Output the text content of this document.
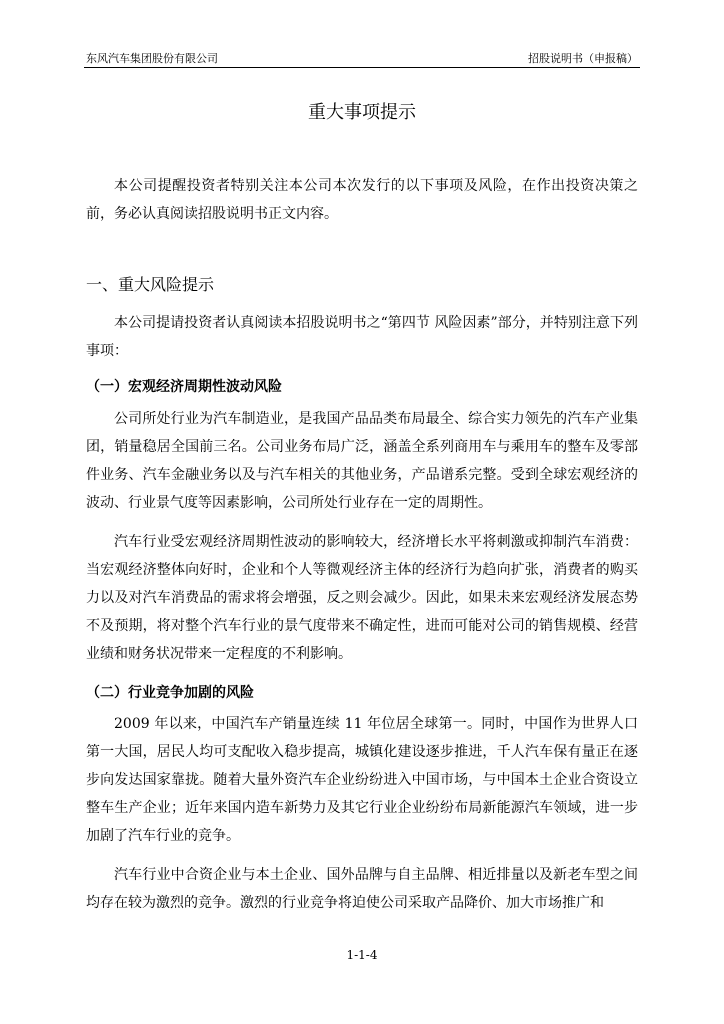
东风汽车集团股份有限公司	招股说明书（申报稿）
重大事项提示

本公司提醒投资者特别关注本公司本次发行的以下事项及风险，在作出投资决策之前，务必认真阅读招股说明书正文内容。

一、重大风险提示

本公司提请投资者认真阅读本招股说明书之“第四节 风险因素”部分，并特别注意下列事项：

（一）宏观经济周期性波动风险

公司所处行业为汽车制造业，是我国产品品类布局最全、综合实力领先的汽车产业集团，销量稳居全国前三名。公司业务布局广泛，涵盖全系列商用车与乘用车的整车及零部件业务、汽车金融业务以及与汽车相关的其他业务，产品谱系完整。受到全球宏观经济的波动、行业景气度等因素影响，公司所处行业存在一定的周期性。

汽车行业受宏观经济周期性波动的影响较大，经济增长水平将刺激或抑制汽车消费：当宏观经济整体向好时，企业和个人等微观经济主体的经济行为趋向扩张，消费者的购买力以及对汽车消费品的需求将会增强，反之则会减少。因此，如果未来宏观经济发展态势不及预期，将对整个汽车行业的景气度带来不确定性，进而可能对公司的销售规模、经营业绩和财务状况带来一定程度的不利影响。

（二）行业竞争加剧的风险

2009 年以来，中国汽车产销量连续 11 年位居全球第一。同时，中国作为世界人口第一大国，居民人均可支配收入稳步提高，城镇化建设逐步推进，千人汽车保有量正在逐步向发达国家靠拢。随着大量外资汽车企业纷纷进入中国市场，与中国本土企业合资设立整车生产企业；近年来国内造车新势力及其它行业企业纷纷布局新能源汽车领域，进一步加剧了汽车行业的竞争。

汽车行业中合资企业与本土企业、国外品牌与自主品牌、相近排量以及新老车型之间均存在较为激烈的竞争。激烈的行业竞争将迫使公司采取产品降价、加大市场推广和

1-1-4
